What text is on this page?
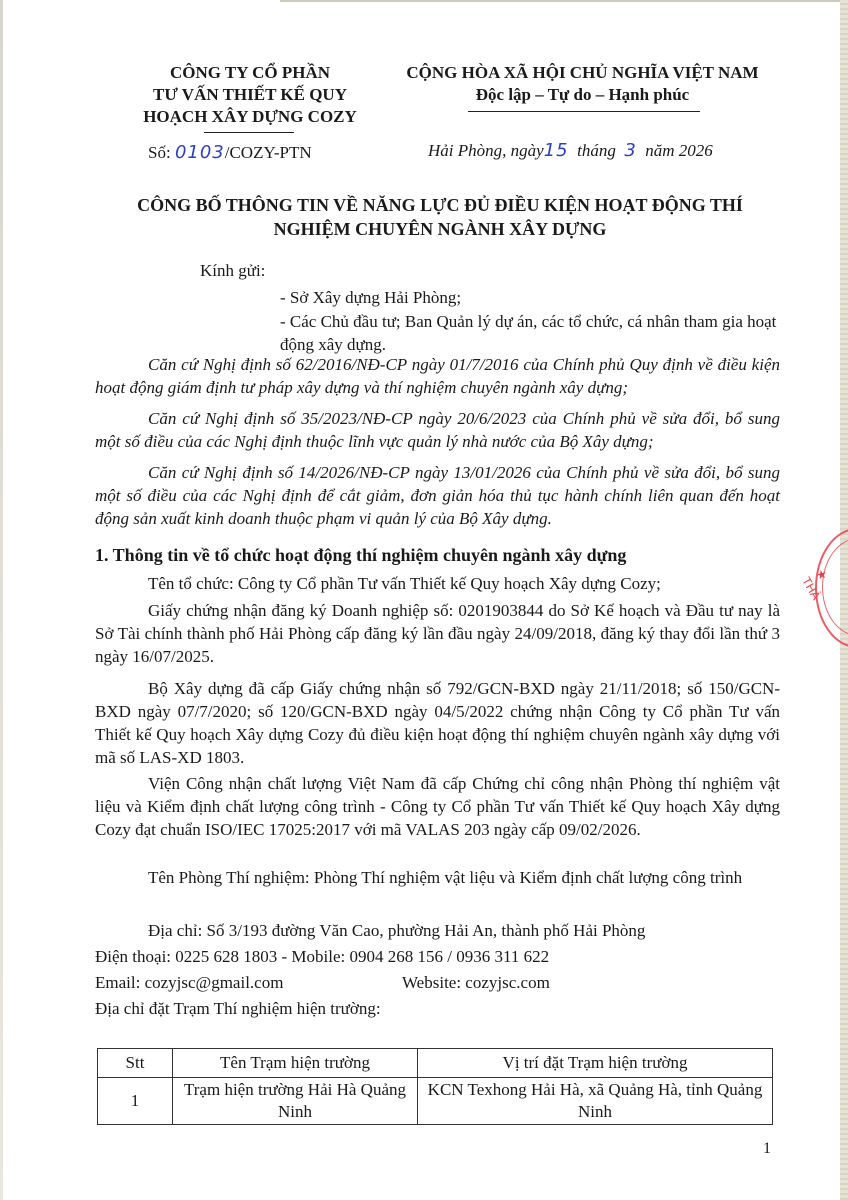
CÔNG TY CỔ PHẦN
TƯ VẤN THIẾT KẾ QUY
HOẠCH XÂY DỰNG COZY
Số: 0103/COZY-PTN
CỘNG HÒA XÃ HỘI CHỦ NGHĨA VIỆT NAM
Độc lập – Tự do – Hạnh phúc
Hải Phòng, ngày15 tháng 3 năm 2026
CÔNG BỐ THÔNG TIN VỀ NĂNG LỰC ĐỦ ĐIỀU KIỆN HOẠT ĐỘNG THÍ
NGHIỆM CHUYÊN NGÀNH XÂY DỰNG
Kính gửi:
- Sở Xây dựng Hải Phòng;
- Các Chủ đầu tư; Ban Quản lý dự án, các tổ chức, cá nhân tham gia hoạt động xây dựng.
Căn cứ Nghị định số 62/2016/NĐ-CP ngày 01/7/2016 của Chính phủ Quy định về điều kiện hoạt động giám định tư pháp xây dựng và thí nghiệm chuyên ngành xây dựng;
Căn cứ Nghị định số 35/2023/NĐ-CP ngày 20/6/2023 của Chính phủ về sửa đổi, bổ sung một số điều của các Nghị định thuộc lĩnh vực quản lý nhà nước của Bộ Xây dựng;
Căn cứ Nghị định số 14/2026/NĐ-CP ngày 13/01/2026 của Chính phủ về sửa đổi, bổ sung một số điều của các Nghị định để cắt giảm, đơn giản hóa thủ tục hành chính liên quan đến hoạt động sản xuất kinh doanh thuộc phạm vi quản lý của Bộ Xây dựng.
1. Thông tin về tổ chức hoạt động thí nghiệm chuyên ngành xây dựng
Tên tổ chức: Công ty Cổ phần Tư vấn Thiết kế Quy hoạch Xây dựng Cozy;
Giấy chứng nhận đăng ký Doanh nghiệp số: 0201903844 do Sở Kế hoạch và Đầu tư nay là Sở Tài chính thành phố Hải Phòng cấp đăng ký lần đầu ngày 24/09/2018, đăng ký thay đổi lần thứ 3 ngày 16/07/2025.
Bộ Xây dựng đã cấp Giấy chứng nhận số 792/GCN-BXD ngày 21/11/2018; số 150/GCN-BXD ngày 07/7/2020; số 120/GCN-BXD ngày 04/5/2022 chứng nhận Công ty Cổ phần Tư vấn Thiết kế Quy hoạch Xây dựng Cozy đủ điều kiện hoạt động thí nghiệm chuyên ngành xây dựng với mã số LAS-XD 1803.
Viện Công nhận chất lượng Việt Nam đã cấp Chứng chỉ công nhận Phòng thí nghiệm vật liệu và Kiểm định chất lượng công trình - Công ty Cổ phần Tư vấn Thiết kế Quy hoạch Xây dựng Cozy đạt chuẩn ISO/IEC 17025:2017 với mã VALAS 203 ngày cấp 09/02/2026.
Tên Phòng Thí nghiệm: Phòng Thí nghiệm vật liệu và Kiểm định chất lượng công trình
Địa chỉ: Số 3/193 đường Văn Cao, phường Hải An, thành phố Hải Phòng
Điện thoại: 0225 628 1803 - Mobile: 0904 268 156 / 0936 311 622
Email: cozyjsc@gmail.com	Website: cozyjsc.com
Địa chỉ đặt Trạm Thí nghiệm hiện trường:
Stt	Tên Trạm hiện trường	Vị trí đặt Trạm hiện trường
1	Trạm hiện trường Hải Hà Quảng Ninh	KCN Texhong Hải Hà, xã Quảng Hà, tỉnh Quảng Ninh
1
★ THÀ
